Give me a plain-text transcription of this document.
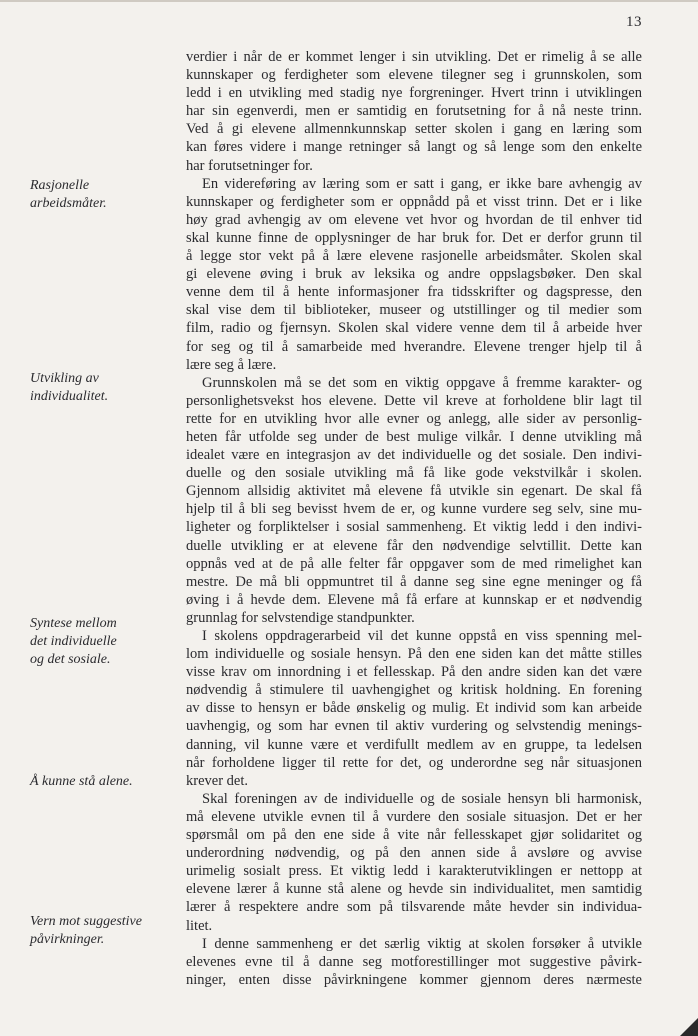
13
Rasjonelle
arbeidsmåter.
Utvikling av
individualitet.
Syntese mellom
det individuelle
og det sosiale.
Å kunne stå alene.
Vern mot suggestive
påvirkninger.
verdier i når de er kommet lenger i sin utvikling. Det er rimelig å se alle
kunnskaper og ferdigheter som elevene tilegner seg i grunnskolen, som
ledd i en utvikling med stadig nye forgreninger. Hvert trinn i utviklingen
har sin egenverdi, men er samtidig en forutsetning for å nå neste trinn.
Ved å gi elevene allmennkunnskap setter skolen i gang en læring som
kan føres videre i mange retninger så langt og så lenge som den enkelte
har forutsetninger for.
En videreføring av læring som er satt i gang, er ikke bare avhengig av
kunnskaper og ferdigheter som er oppnådd på et visst trinn. Det er i like
høy grad avhengig av om elevene vet hvor og hvordan de til enhver tid
skal kunne finne de opplysninger de har bruk for. Det er derfor grunn til
å legge stor vekt på å lære elevene rasjonelle arbeidsmåter. Skolen skal
gi elevene øving i bruk av leksika og andre oppslagsbøker. Den skal
venne dem til å hente informasjoner fra tidsskrifter og dagspresse, den
skal vise dem til biblioteker, museer og utstillinger og til medier som
film, radio og fjernsyn. Skolen skal videre venne dem til å arbeide hver
for seg og til å samarbeide med hverandre. Elevene trenger hjelp til å
lære seg å lære.
Grunnskolen må se det som en viktig oppgave å fremme karakter- og
personlighetsvekst hos elevene. Dette vil kreve at forholdene blir lagt til
rette for en utvikling hvor alle evner og anlegg, alle sider av personlig-
heten får utfolde seg under de best mulige vilkår. I denne utvikling må
idealet være en integrasjon av det individuelle og det sosiale. Den indivi-
duelle og den sosiale utvikling må få like gode vekstvilkår i skolen.
Gjennom allsidig aktivitet må elevene få utvikle sin egenart. De skal få
hjelp til å bli seg bevisst hvem de er, og kunne vurdere seg selv, sine mu-
ligheter og forpliktelser i sosial sammenheng. Et viktig ledd i den indivi-
duelle utvikling er at elevene får den nødvendige selvtillit. Dette kan
oppnås ved at de på alle felter får oppgaver som de med rimelighet kan
mestre. De må bli oppmuntret til å danne seg sine egne meninger og få
øving i å hevde dem. Elevene må få erfare at kunnskap er et nødvendig
grunnlag for selvstendige standpunkter.
I skolens oppdragerarbeid vil det kunne oppstå en viss spenning mel-
lom individuelle og sosiale hensyn. På den ene siden kan det måtte stilles
visse krav om innordning i et fellesskap. På den andre siden kan det være
nødvendig å stimulere til uavhengighet og kritisk holdning. En forening
av disse to hensyn er både ønskelig og mulig. Et individ som kan arbeide
uavhengig, og som har evnen til aktiv vurdering og selvstendig menings-
danning, vil kunne være et verdifullt medlem av en gruppe, ta ledelsen
når forholdene ligger til rette for det, og underordne seg når situasjonen
krever det.
Skal foreningen av de individuelle og de sosiale hensyn bli harmonisk,
må elevene utvikle evnen til å vurdere den sosiale situasjon. Det er her
spørsmål om på den ene side å vite når fellesskapet gjør solidaritet og
underordning nødvendig, og på den annen side å avsløre og avvise
urimelig sosialt press. Et viktig ledd i karakterutviklingen er nettopp at
elevene lærer å kunne stå alene og hevde sin individualitet, men samtidig
lærer å respektere andre som på tilsvarende måte hevder sin individua-
litet.
I denne sammenheng er det særlig viktig at skolen forsøker å utvikle
elevenes evne til å danne seg motforestillinger mot suggestive påvirk-
ninger, enten disse påvirkningene kommer gjennom deres nærmeste
